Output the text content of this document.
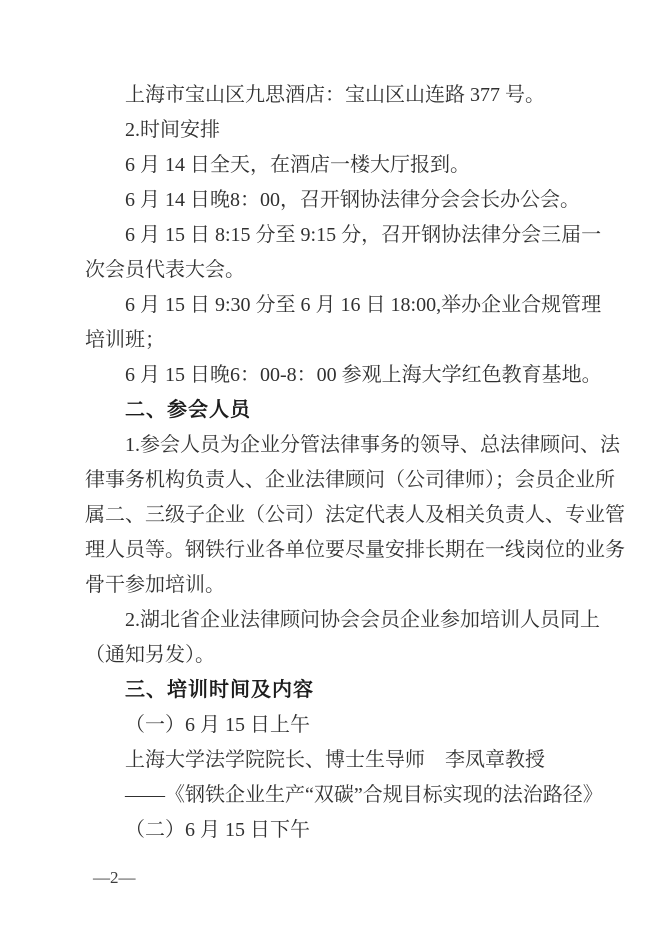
上海市宝山区九思酒店：宝山区山连路 377 号。
2.时间安排
6 月 14 日全天，在酒店一楼大厅报到。
6 月 14 日晚8：00，召开钢协法律分会会长办公会。
6 月 15 日 8:15 分至 9:15 分，召开钢协法律分会三届一
次会员代表大会。
6 月 15 日 9:30 分至 6 月 16 日 18:00,举办企业合规管理
培训班；
6 月 15 日晚6：00-8：00 参观上海大学红色教育基地。
二、参会人员
1.参会人员为企业分管法律事务的领导、总法律顾问、法
律事务机构负责人、企业法律顾问（公司律师）；会员企业所
属二、三级子企业（公司）法定代表人及相关负责人、专业管
理人员等。钢铁行业各单位要尽量安排长期在一线岗位的业务
骨干参加培训。
2.湖北省企业法律顾问协会会员企业参加培训人员同上
（通知另发）。
三、培训时间及内容
（一）6 月 15 日上午
上海大学法学院院长、博士生导师　李凤章教授
——《钢铁企业生产“双碳”合规目标实现的法治路径》
（二）6 月 15 日下午
—2—
